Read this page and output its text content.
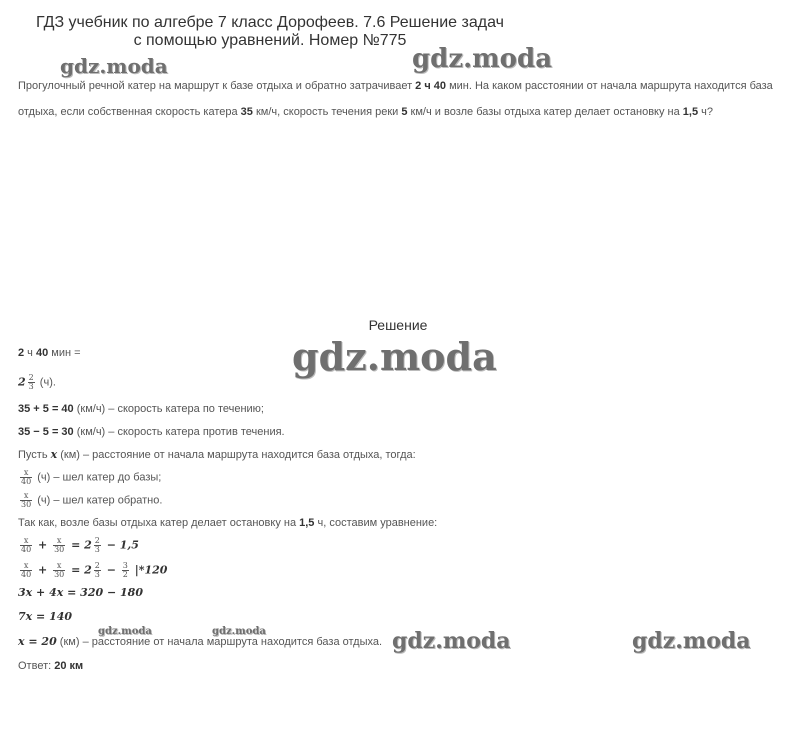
ГДЗ учебник по алгебре 7 класс Дорофеев. 7.6 Решение задач
с помощью уравнений. Номер №775
gdz.moda	gdz.moda
gdz.moda
gdz.moda	gdz.moda	gdz.moda	gdz.moda
Прогулочный речной катер на маршрут к базе отдыха и обратно затрачивает 2 ч 40 мин. На каком расстоянии от начала маршрута находится база
отдыха, если собственная скорость катера 35 км/ч, скорость течения реки 5 км/ч и возле базы отдыха катер делает остановку на 1,5 ч?
Решение
2 ч 40 мин =
$2 \frac{2}{3} (ч)$.
35 + 5 = 40 (км/ч) – скорость катера по течению;
35 − 5 = 30 (км/ч) – скорость катера против течения.
Пусть x (км) – расстояние от начала маршрута находится база отдыха, тогда:
$\frac{x}{40} (ч)$ – шел катер до базы;
$\frac{x}{30} (ч)$ – шел катер обратно.
Так как, возле базы отдыха катер делает остановку на 1,5 ч, составим уравнение:
$\frac{x}{40} + \frac{x}{30} = 2 \frac{2}{3} - 1,5$
$\frac{x}{40} + \frac{x}{30} = 2 \frac{2}{3} - \frac{3}{2} |*120$
3x + 4x = 320 − 180
7x = 140
x = 20 (км) – расстояние от начала маршрута находится база отдыха.
Ответ: 20 км
